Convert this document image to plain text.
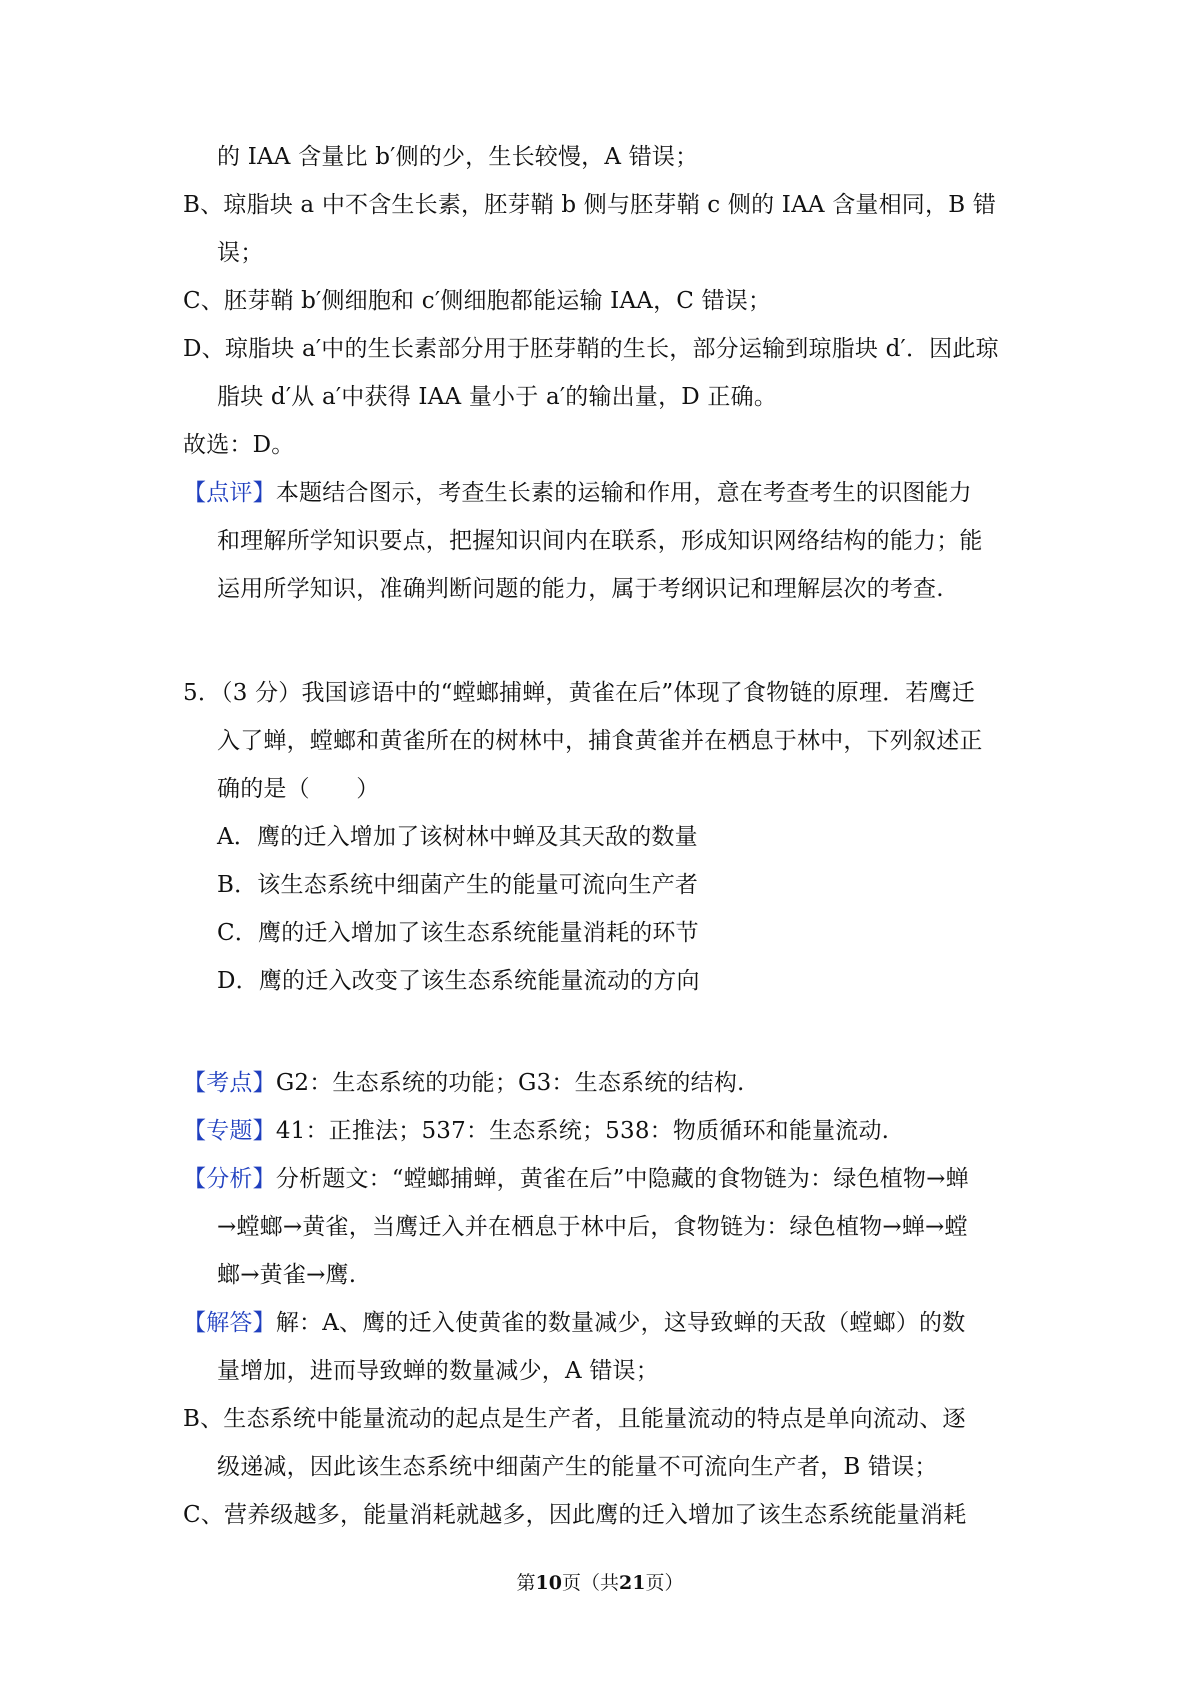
的 IAA 含量比 b′侧的少，生长较慢，A 错误；
B、琼脂块 a 中不含生长素，胚芽鞘 b 侧与胚芽鞘 c 侧的 IAA 含量相同，B 错
误；
C、胚芽鞘 b′侧细胞和 c′侧细胞都能运输 IAA，C 错误；
D、琼脂块 a′中的生长素部分用于胚芽鞘的生长，部分运输到琼脂块 d′．因此琼
脂块 d′从 a′中获得 IAA 量小于 a′的输出量，D 正确。
故选：D。
【点评】本题结合图示，考查生长素的运输和作用，意在考查考生的识图能力
和理解所学知识要点，把握知识间内在联系，形成知识网络结构的能力；能
运用所学知识，准确判断问题的能力，属于考纲识记和理解层次的考查.
5．（3 分）我国谚语中的“螳螂捕蝉，黄雀在后”体现了食物链的原理．若鹰迁
入了蝉，螳螂和黄雀所在的树林中，捕食黄雀并在栖息于林中，下列叙述正
确的是（　　）
A．鹰的迁入增加了该树林中蝉及其天敌的数量
B．该生态系统中细菌产生的能量可流向生产者
C．鹰的迁入增加了该生态系统能量消耗的环节
D．鹰的迁入改变了该生态系统能量流动的方向
【考点】G2：生态系统的功能；G3：生态系统的结构.
【专题】41：正推法；537：生态系统；538：物质循环和能量流动.
【分析】分析题文：“螳螂捕蝉，黄雀在后”中隐藏的食物链为：绿色植物→蝉
→螳螂→黄雀，当鹰迁入并在栖息于林中后，食物链为：绿色植物→蝉→螳
螂→黄雀→鹰.
【解答】解：A、鹰的迁入使黄雀的数量减少，这导致蝉的天敌（螳螂）的数
量增加，进而导致蝉的数量减少，A 错误；
B、生态系统中能量流动的起点是生产者，且能量流动的特点是单向流动、逐
级递减，因此该生态系统中细菌产生的能量不可流向生产者，B 错误；
C、营养级越多，能量消耗就越多，因此鹰的迁入增加了该生态系统能量消耗
第10页（共21页）
